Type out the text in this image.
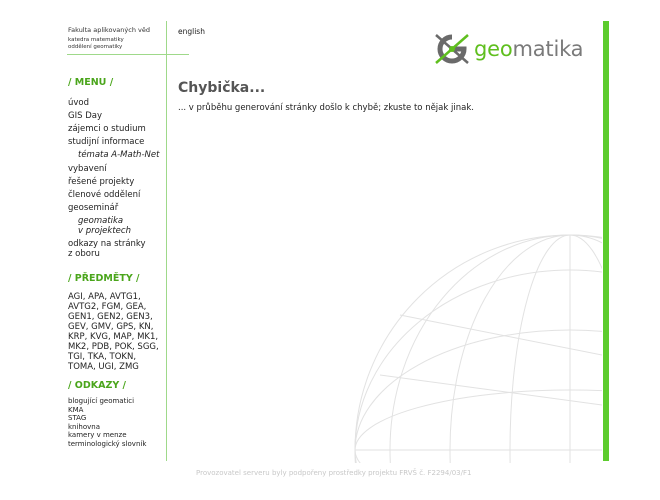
Fakulta aplikovaných věd
katedra matematiky
oddělení geomatiky
english
geomatika
/ MENU /
úvod
GIS Day
zájemci o studium
studijní informace
témata A-Math-Net
vybavení
řešené projekty
členové oddělení
geoseminář
geomatika
v projektech
odkazy na stránky
z oboru
/ PŘEDMĚTY /

AGI, APA, AVTG1, AVTG2, FGM, GEA, GEN1, GEN2, GEN3, GEV, GMV, GPS, KN, KRP, KVG, MAP, MK1, MK2, PDB, POK, SGG, TGI, TKA, TOKN, TOMA, UGI, ZMG

/ ODKAZY /
blogující geomatici
KMA
STAG
knihovna
kamery v menze
terminologický slovník
Chybička...

... v průběhu generování stránky došlo k chybě; zkuste to nějak jinak.

Provozovatel serveru byly podpořeny prostředky projektu FRVŠ č. F2294/03/F1
